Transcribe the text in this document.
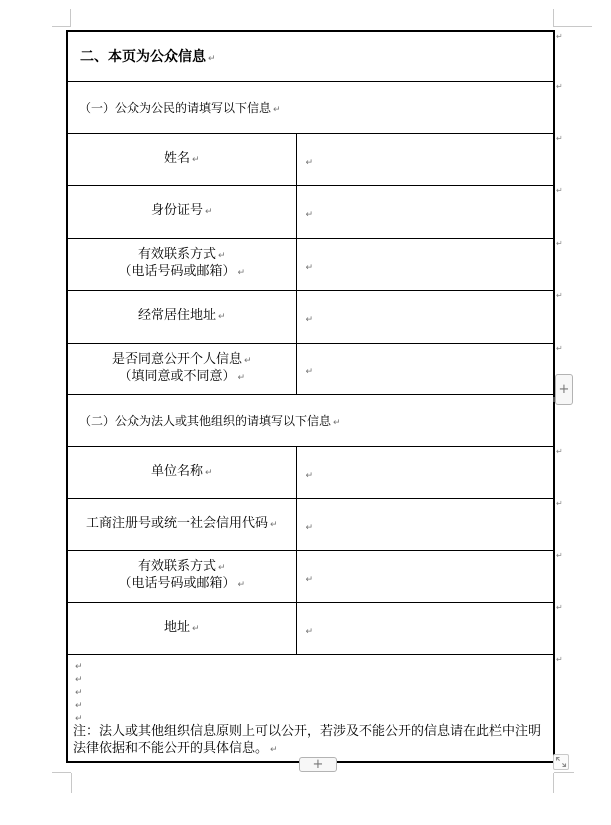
二、本页为公众信息 ↵	
（一）公众为公民的请填写以下信息 ↵	

姓名 ↵	↵

身份证号 ↵	↵

有效联系方式 ↵
（电话号码或邮箱） ↵	↵

经常居住地址 ↵	↵

是否同意公开个人信息 ↵
（填同意或不同意） ↵	↵
（二）公众为法人或其他组织的请填写以下信息 ↵	

单位名称 ↵	↵

工商注册号或统一社会信用代码 ↵	↵

有效联系方式 ↵
（电话号码或邮箱） ↵	↵

地址 ↵	↵

↵
↵
↵
↵
↵
注：法人或其他组织信息原则上可以公开，若涉及不能公开的信息请在此栏中注明法律依据和不能公开的具体信息。 ↵
↵
↵
↵
↵
↵
↵
↵
↵
↵
↵
↵
↵
+
+
